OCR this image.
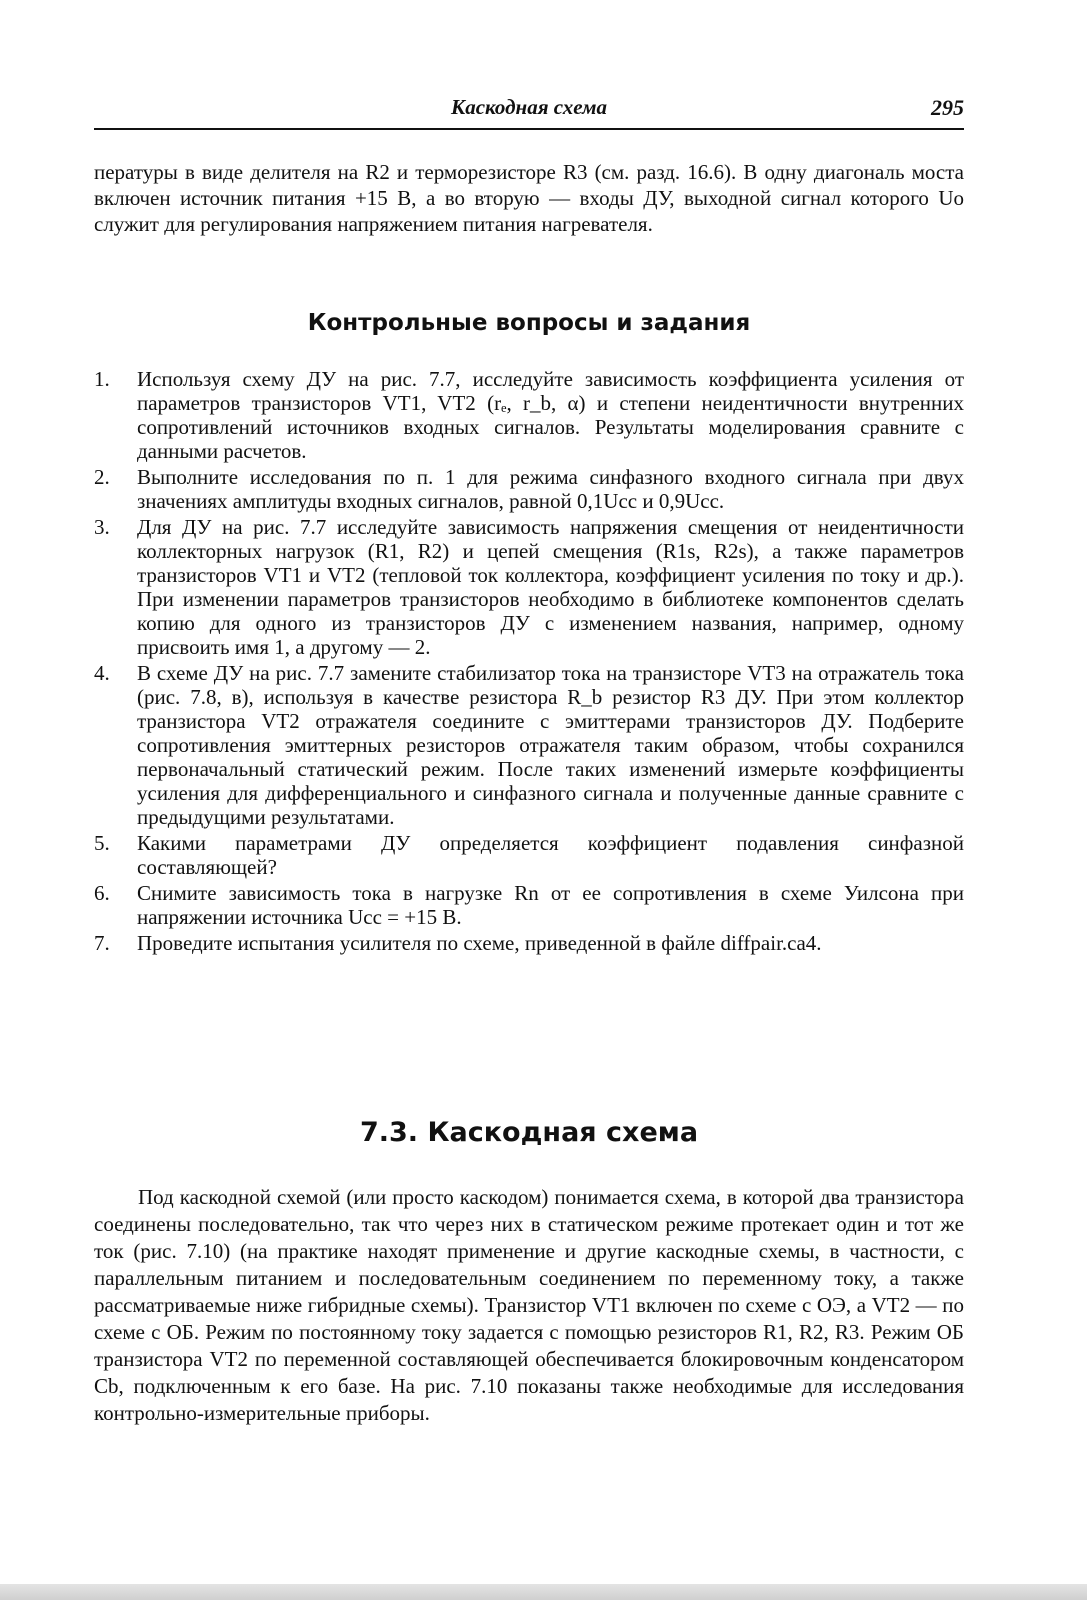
Каскодная схема	295

пературы в виде делителя на R2 и терморезисторе R3 (см. разд. 16.6). В одну диагональ моста включен источник питания +15 В, а во вторую — входы ДУ, выходной сигнал которого Uo служит для регулирования напряжением питания нагревателя.

Контрольные вопросы и задания
1.	Используя схему ДУ на рис. 7.7, исследуйте зависимость коэффициента усиления от параметров транзисторов VT1, VT2 (rₑ, r_b, α) и степени неидентичности внутренних сопротивлений источников входных сигналов. Результаты моделирования сравните с данными расчетов.
2.	Выполните исследования по п. 1 для режима синфазного входного сигнала при двух значениях амплитуды входных сигналов, равной 0,1Ucc и 0,9Ucc.
3.	Для ДУ на рис. 7.7 исследуйте зависимость напряжения смещения от неидентичности коллекторных нагрузок (R1, R2) и цепей смещения (R1s, R2s), а также параметров транзисторов VT1 и VT2 (тепловой ток коллектора, коэффициент усиления по току и др.). При изменении параметров транзисторов необходимо в библиотеке компонентов сделать копию для одного из транзисторов ДУ с изменением названия, например, одному присвоить имя 1, а другому — 2.
4.	В схеме ДУ на рис. 7.7 замените стабилизатор тока на транзисторе VT3 на отражатель тока (рис. 7.8, в), используя в качестве резистора R_b резистор R3 ДУ. При этом коллектор транзистора VT2 отражателя соедините с эмиттерами транзисторов ДУ. Подберите сопротивления эмиттерных резисторов отражателя таким образом, чтобы сохранился первоначальный статический режим. После таких изменений измерьте коэффициенты усиления для дифференциального и синфазного сигнала и полученные данные сравните с предыдущими результатами.
5.	Какими параметрами ДУ определяется коэффициент подавления синфазной составляющей?
6.	Снимите зависимость тока в нагрузке Rn от ее сопротивления в схеме Уилсона при напряжении источника Ucc = +15 В.
7.	Проведите испытания усилителя по схеме, приведенной в файле diffpair.ca4.
7.3. Каскодная схема

Под каскодной схемой (или просто каскодом) понимается схема, в которой два транзистора соединены последовательно, так что через них в статическом режиме протекает один и тот же ток (рис. 7.10) (на практике находят применение и другие каскодные схемы, в частности, с параллельным питанием и последовательным соединением по переменному току, а также рассматриваемые ниже гибридные схемы). Транзистор VT1 включен по схеме с ОЭ, а VT2 — по схеме с ОБ. Режим по постоянному току задается с помощью резисторов R1, R2, R3. Режим ОБ транзистора VT2 по переменной составляющей обеспечивается блокировочным конденсатором Cb, подключенным к его базе. На рис. 7.10 показаны также необходимые для исследования контрольно-измерительные приборы.
